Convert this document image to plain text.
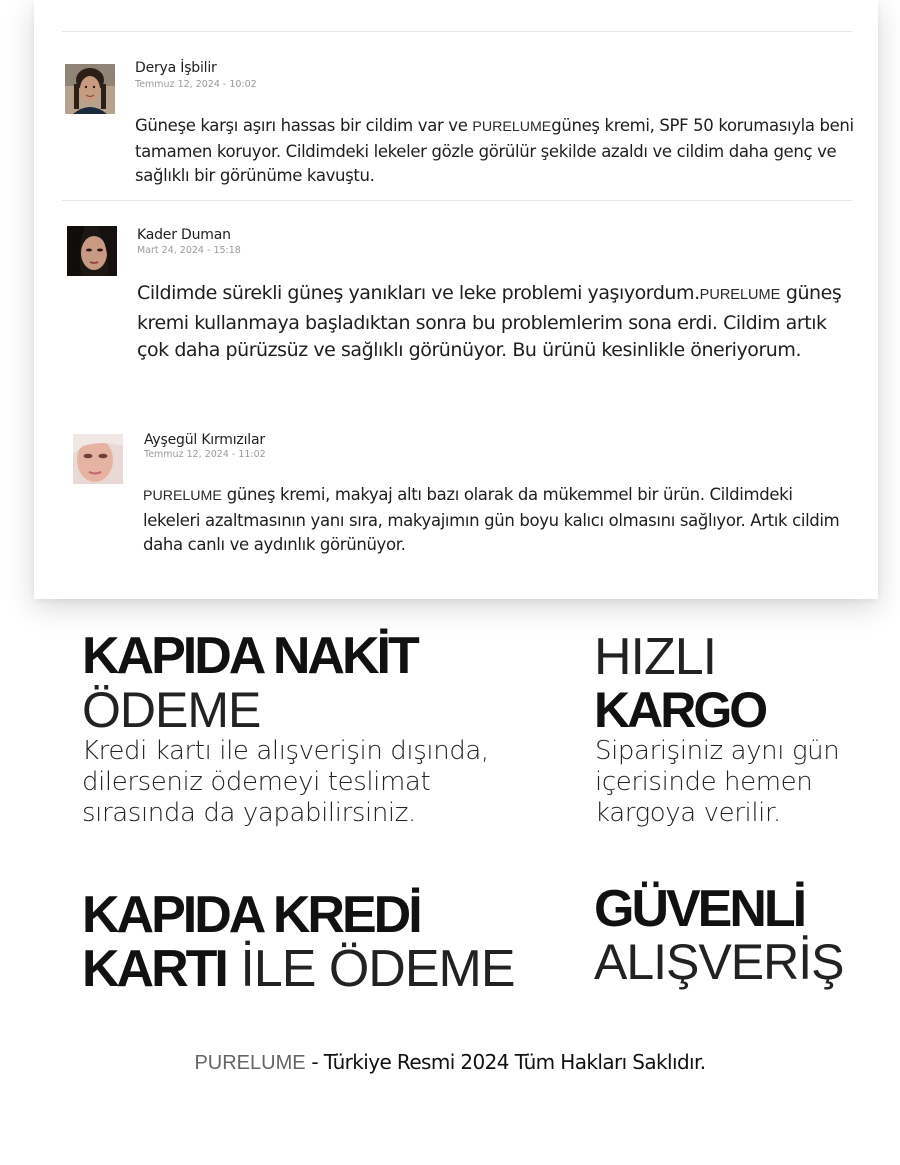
Derya İşbilir
Temmuz 12, 2024 - 10:02

Güneşe karşı aşırı hassas bir cildim var ve PURELUMEgüneş kremi, SPF 50 korumasıyla beni tamamen koruyor. Cildimdeki lekeler gözle görülür şekilde azaldı ve cildim daha genç ve sağlıklı bir görünüme kavuştu.

Kader Duman
Mart 24, 2024 - 15:18

Cildimde sürekli güneş yanıkları ve leke problemi yaşıyordum.PURELUME güneş kremi kullanmaya başladıktan sonra bu problemlerim sona erdi. Cildim artık çok daha pürüzsüz ve sağlıklı görünüyor. Bu ürünü kesinlikle öneriyorum.

Ayşegül Kırmızılar
Temmuz 12, 2024 - 11:02

PURELUME güneş kremi, makyaj altı bazı olarak da mükemmel bir ürün. Cildimdeki lekeleri azaltmasının yanı sıra, makyajımın gün boyu kalıcı olmasını sağlıyor. Artık cildim daha canlı ve aydınlık görünüyor.

KAPIDA NAKİT
ÖDEME
Kredi kartı ile alışverişin dışında, dilerseniz ödemeyi teslimat sırasında da yapabilirsiniz.
HIZLI
KARGO
Siparişiniz aynı gün içerisinde hemen kargoya verilir.
KAPIDA KREDİ
KARTI İLE ÖDEME
GÜVENLİ
ALIŞVERİŞ
PURELUME - Türkiye Resmi 2024 Tüm Hakları Saklıdır.
